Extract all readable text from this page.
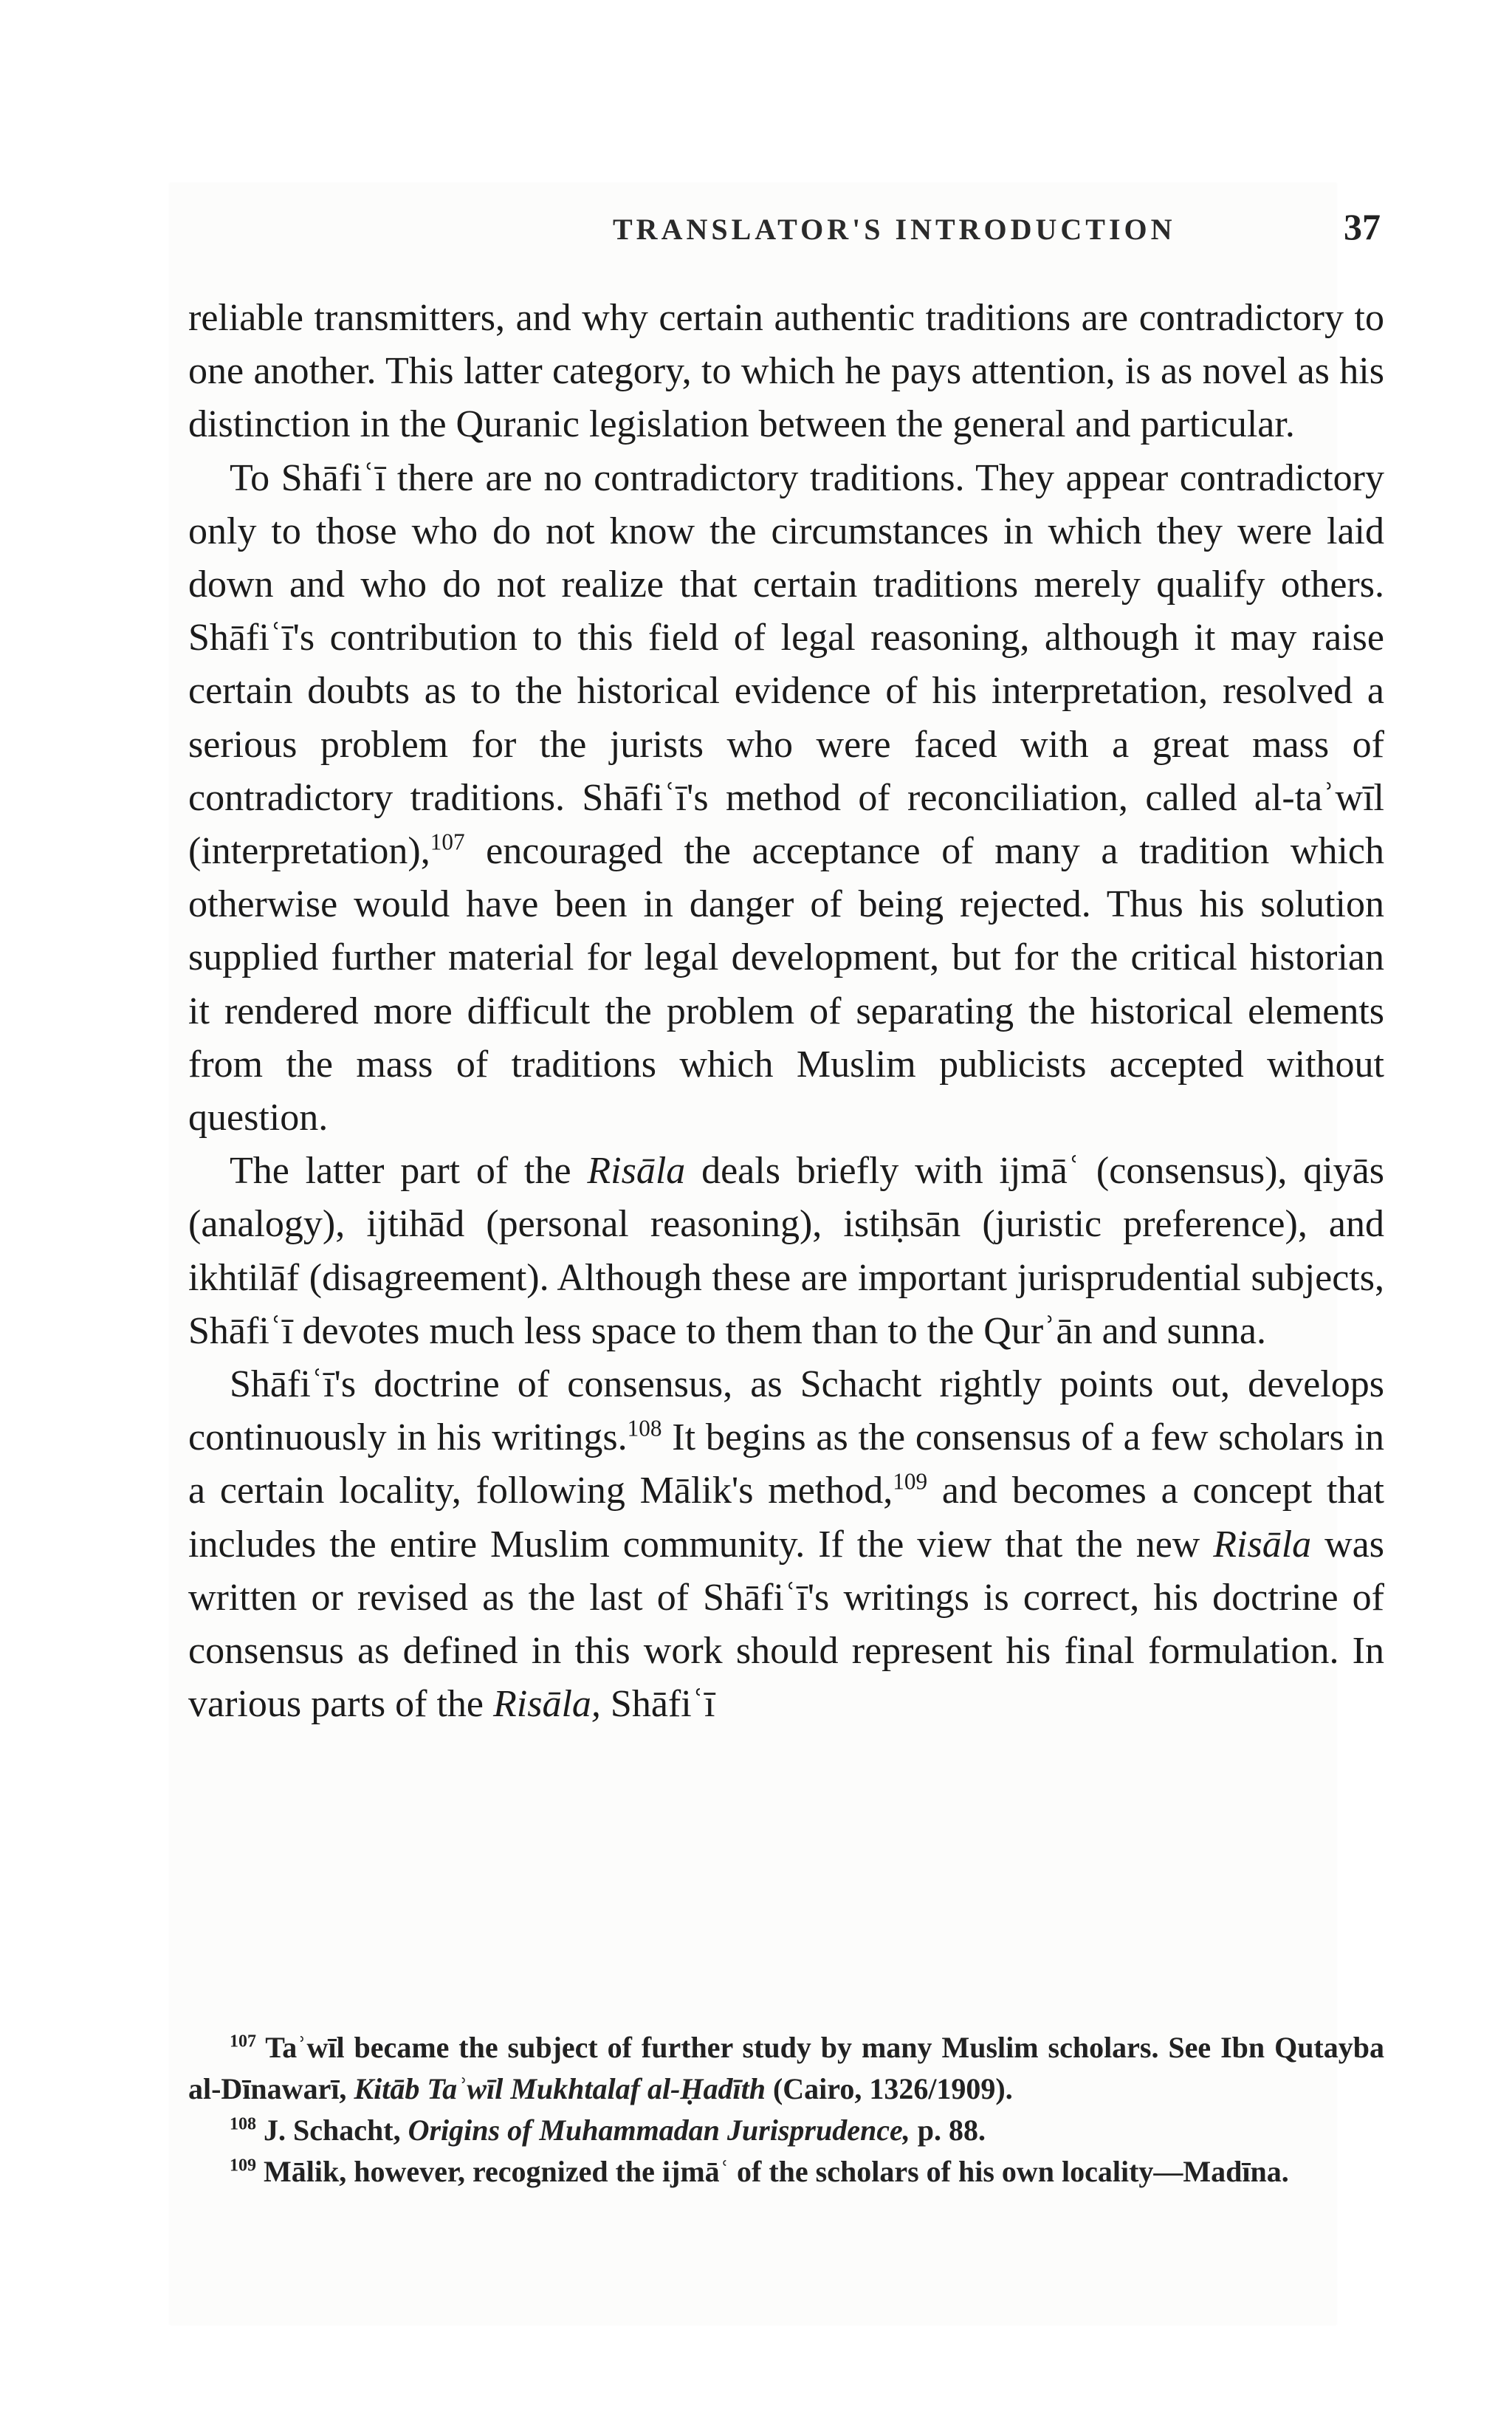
TRANSLATOR'S INTRODUCTION	37

reliable transmitters, and why certain authentic traditions are contradictory to one another. This latter category, to which he pays attention, is as novel as his distinction in the Quranic legislation between the general and particular.

To Shāfiʿī there are no contradictory traditions. They appear contradictory only to those who do not know the circumstances in which they were laid down and who do not realize that certain traditions merely qualify others. Shāfiʿī's contribution to this field of legal reasoning, although it may raise certain doubts as to the historical evidence of his interpretation, resolved a serious problem for the jurists who were faced with a great mass of contradictory traditions. Shāfiʿī's method of reconciliation, called al-taʾwīl (interpretation),$^{107}$ encouraged the acceptance of many a tradition which otherwise would have been in danger of being rejected. Thus his solution supplied further material for legal development, but for the critical historian it rendered more difficult the problem of separating the historical elements from the mass of traditions which Muslim publicists accepted without question.

The latter part of the Risāla deals briefly with ijmāʿ (consensus), qiyās (analogy), ijtihād (personal reasoning), istiḥsān (juristic preference), and ikhtilāf (disagreement). Although these are important jurisprudential subjects, Shāfiʿī devotes much less space to them than to the Qurʾān and sunna.

Shāfiʿī's doctrine of consensus, as Schacht rightly points out, develops continuously in his writings.$^{108}$ It begins as the consensus of a few scholars in a certain locality, following Mālik's method,$^{109}$ and becomes a concept that includes the entire Muslim community. If the view that the new Risāla was written or revised as the last of Shāfiʿī's writings is correct, his doctrine of consensus as defined in this work should represent his final formulation. In various parts of the Risāla, Shāfiʿī

$^{107}$ Taʾwīl became the subject of further study by many Muslim scholars. See Ibn Qutayba al-Dīnawarī, Kitāb Taʾwīl Mukhtalaf al-Ḥadīth (Cairo, 1326/1909).

$^{108}$ J. Schacht, Origins of Muhammadan Jurisprudence, p. 88.

$^{109}$ Mālik, however, recognized the ijmāʿ of the scholars of his own locality—Madīna.
